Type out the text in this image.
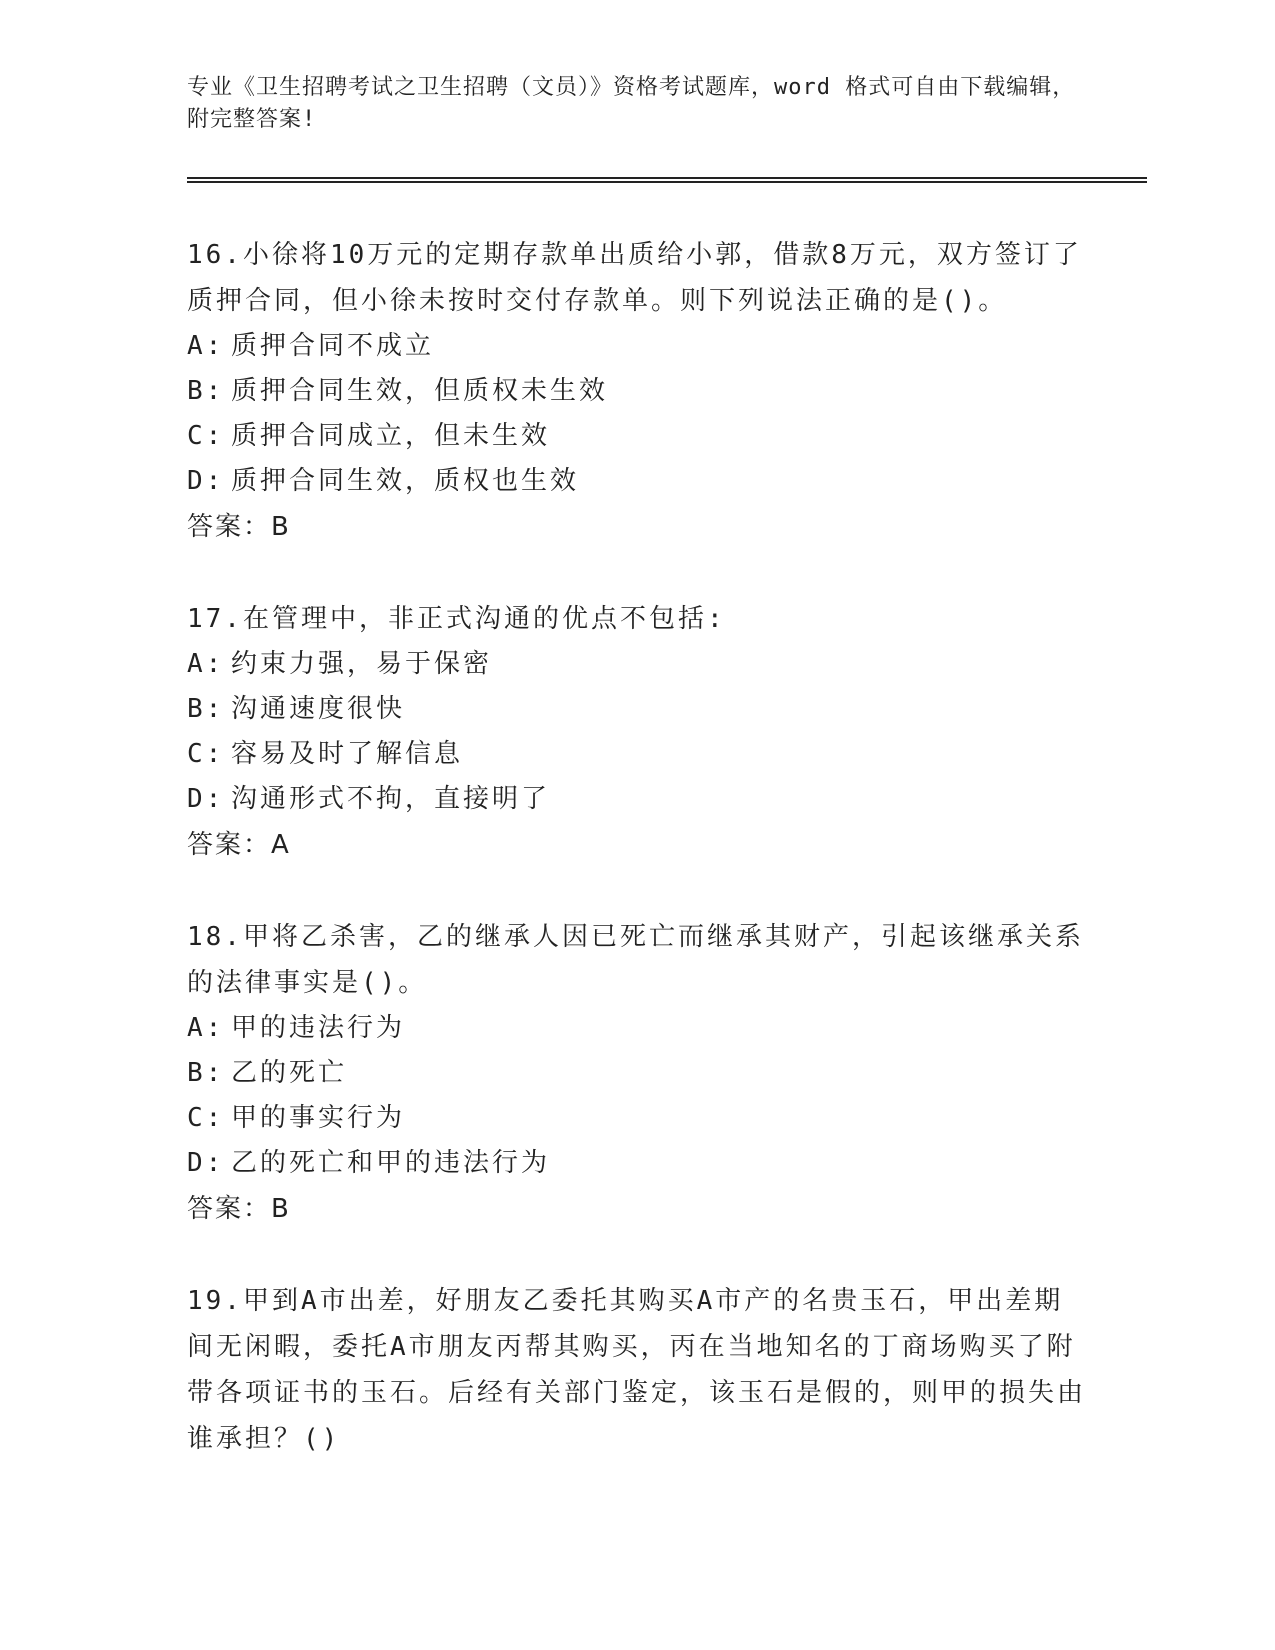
专业《卫生招聘考试之卫生招聘（文员）》资格考试题库，word 格式可自由下载编辑，附完整答案!
16.小徐将10万元的定期存款单出质给小郭，借款8万元，双方签订了质押合同，但小徐未按时交付存款单。则下列说法正确的是()。
A: 质押合同不成立
B: 质押合同生效，但质权未生效
C: 质押合同成立，但未生效
D: 质押合同生效，质权也生效
答案：B
17.在管理中，非正式沟通的优点不包括:
A: 约束力强，易于保密
B: 沟通速度很快
C: 容易及时了解信息
D: 沟通形式不拘，直接明了
答案：A
18.甲将乙杀害，乙的继承人因已死亡而继承其财产，引起该继承关系的法律事实是()。
A: 甲的违法行为
B: 乙的死亡
C: 甲的事实行为
D: 乙的死亡和甲的违法行为
答案：B
19.甲到A市出差，好朋友乙委托其购买A市产的名贵玉石，甲出差期间无闲暇，委托A市朋友丙帮其购买，丙在当地知名的丁商场购买了附带各项证书的玉石。后经有关部门鉴定，该玉石是假的，则甲的损失由谁承担？()
